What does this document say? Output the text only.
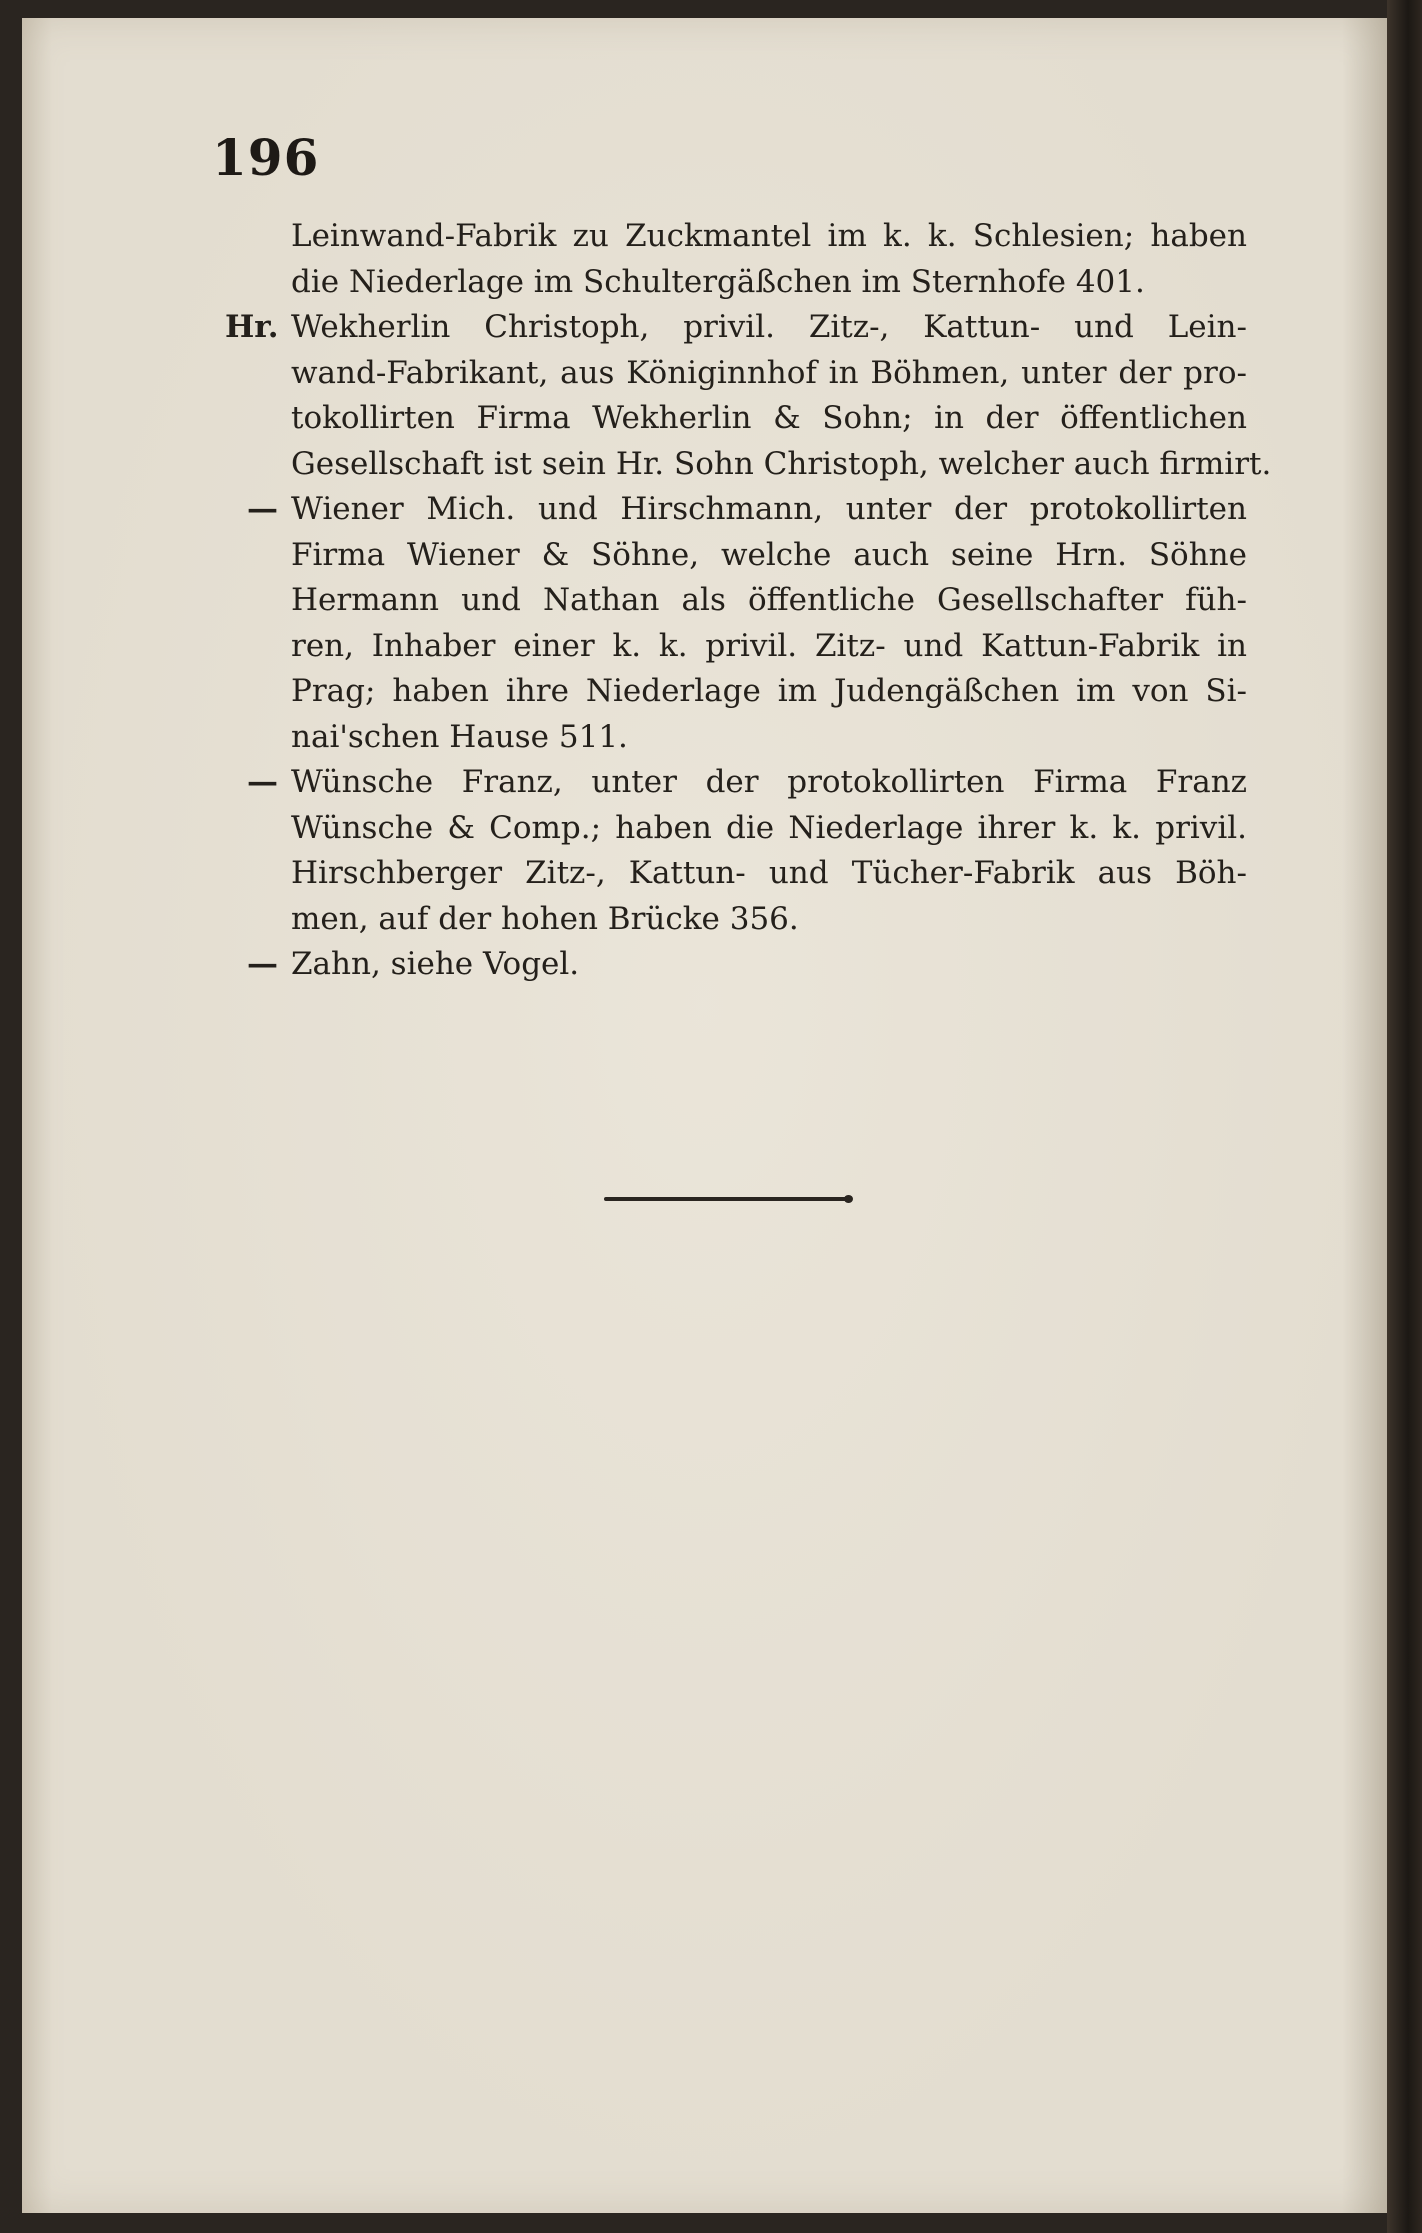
196
Leinwand-Fabrik zu Zuckmantel im k. k. Schlesien; haben
die Niederlage im Schultergäßchen im Sternhofe 401.
Hr. Wekherlin Christoph, privil. Zitz-, Kattun- und Lein-
wand-Fabrikant, aus Königinnhof in Böhmen, unter der pro-
tokollirten Firma Wekherlin & Sohn; in der öffentlichen
Gesellschaft ist sein Hr. Sohn Christoph, welcher auch firmirt.
— Wiener Mich. und Hirschmann, unter der protokollirten
Firma Wiener & Söhne, welche auch seine Hrn. Söhne
Hermann und Nathan als öffentliche Gesellschafter füh-
ren, Inhaber einer k. k. privil. Zitz- und Kattun-Fabrik in
Prag; haben ihre Niederlage im Judengäßchen im von Si-
nai'schen Hause 511.
— Wünsche Franz, unter der protokollirten Firma Franz
Wünsche & Comp.; haben die Niederlage ihrer k. k. privil.
Hirschberger Zitz-, Kattun- und Tücher-Fabrik aus Böh-
men, auf der hohen Brücke 356.
— Zahn, siehe Vogel.
